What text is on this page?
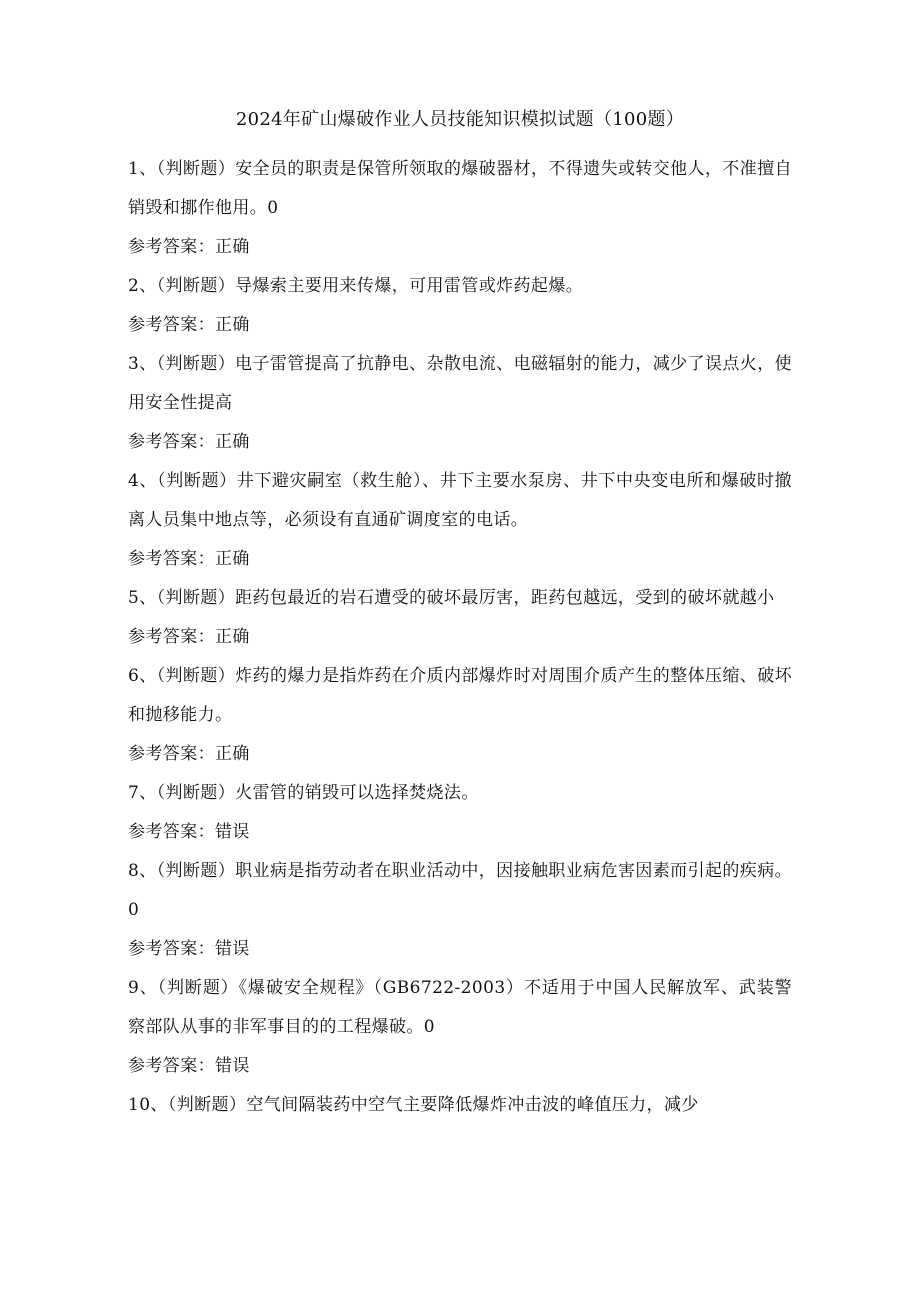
2024年矿山爆破作业人员技能知识模拟试题（100题）

1、（判断题）安全员的职责是保管所领取的爆破器材，不得遗失或转交他人，不准擅自销毁和挪作他用。0

参考答案：正确

2、（判断题）导爆索主要用来传爆，可用雷管或炸药起爆。

参考答案：正确

3、（判断题）电子雷管提高了抗静电、杂散电流、电磁辐射的能力，减少了误点火，使用安全性提高

参考答案：正确

4、（判断题）井下避灾嗣室（救生舱）、井下主要水泵房、井下中央变电所和爆破时撤离人员集中地点等，必须设有直通矿调度室的电话。

参考答案：正确

5、（判断题）距药包最近的岩石遭受的破坏最厉害，距药包越远，受到的破坏就越小

参考答案：正确

6、（判断题）炸药的爆力是指炸药在介质内部爆炸时对周围介质产生的整体压缩、破坏和抛移能力。

参考答案：正确

7、（判断题）火雷管的销毁可以选择焚烧法。

参考答案：错误

8、（判断题）职业病是指劳动者在职业活动中，因接触职业病危害因素而引起的疾病。0

参考答案：错误

9、（判断题）《爆破安全规程》（GB6722-2003）不适用于中国人民解放军、武装警察部队从事的非军事目的的工程爆破。0

参考答案：错误

10、（判断题）空气间隔装药中空气主要降低爆炸冲击波的峰值压力，减少
